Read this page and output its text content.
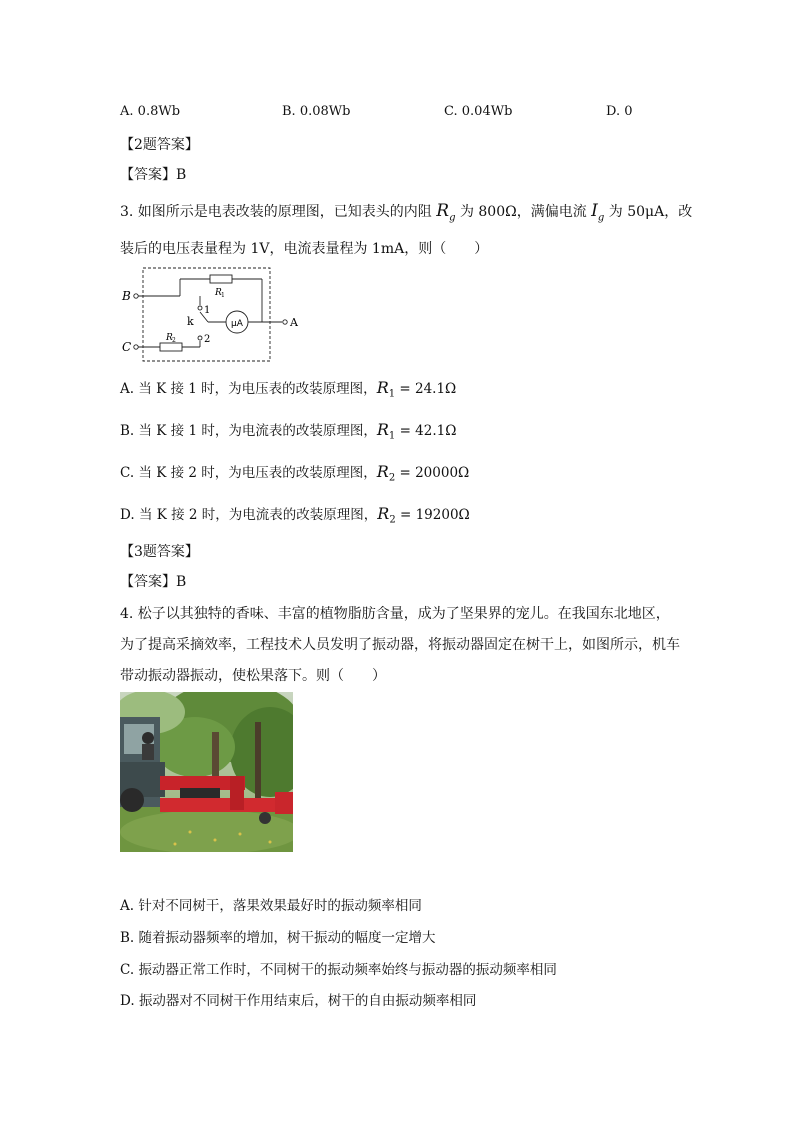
A. 0.8Wb	B. 0.08Wb	C. 0.04Wb	D. 0
【2题答案】
【答案】B
3. 如图所示是电表改装的原理图，已知表头的内阻 $R_g$ 为 800Ω，满偏电流 $I_g$ 为 50μA，改
装后的电压表量程为 1V，电流表量程为 1mA，则（　　）
B
C
A
k
1
2
R 1
R 2
μA
A. 当 K 接 1 时，为电压表的改装原理图，$R_1 = 24.1\Omega$
B. 当 K 接 1 时，为电流表的改装原理图，$R_1 = 42.1\Omega$
C. 当 K 接 2 时，为电压表的改装原理图，$R_2 = 20000\Omega$
D. 当 K 接 2 时，为电流表的改装原理图，$R_2 = 19200\Omega$
【3题答案】
【答案】B
4. 松子以其独特的香味、丰富的植物脂肪含量，成为了坚果界的宠儿。在我国东北地区，
为了提高采摘效率，工程技术人员发明了振动器，将振动器固定在树干上，如图所示，机车
带动振动器振动，使松果落下。则（　　）
A. 针对不同树干，落果效果最好时的振动频率相同
B. 随着振动器频率的增加，树干振动的幅度一定增大
C. 振动器正常工作时，不同树干的振动频率始终与振动器的振动频率相同
D. 振动器对不同树干作用结束后，树干的自由振动频率相同
